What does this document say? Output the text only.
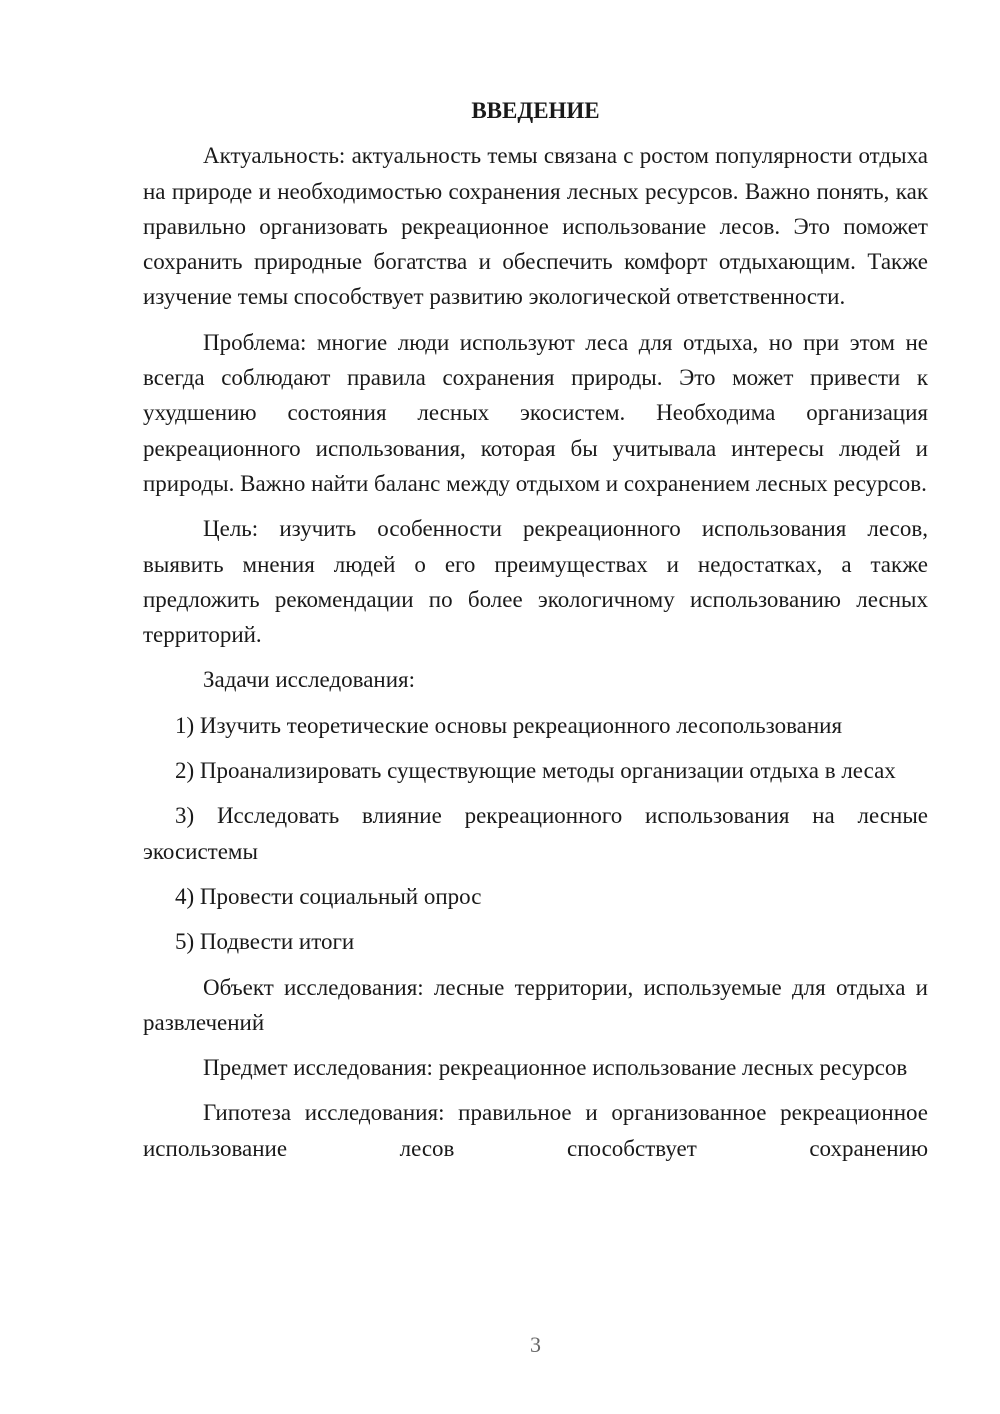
ВВЕДЕНИЕ

Актуальность: актуальность темы связана с ростом популярности отдыха на природе и необходимостью сохранения лесных ресурсов. Важно понять, как правильно организовать рекреационное использование лесов. Это поможет сохранить природные богатства и обеспечить комфорт отдыхающим. Также изучение темы способствует развитию экологической ответственности.

Проблема: многие люди используют леса для отдыха, но при этом не всегда соблюдают правила сохранения природы. Это может привести к ухудшению состояния лесных экосистем. Необходима организация рекреационного использования, которая бы учитывала интересы людей и природы. Важно найти баланс между отдыхом и сохранением лесных ресурсов.

Цель: изучить особенности рекреационного использования лесов, выявить мнения людей о его преимуществах и недостатках, а также предложить рекомендации по более экологичному использованию лесных территорий.

Задачи исследования:

1) Изучить теоретические основы рекреационного лесопользования

2) Проанализировать существующие методы организации отдыха в лесах

3) Исследовать влияние рекреационного использования на лесные экосистемы

4) Провести социальный опрос

5) Подвести итоги

Объект исследования: лесные территории, используемые для отдыха и развлечений

Предмет исследования: рекреационное использование лесных ресурсов

Гипотеза исследования: правильное и организованное рекреационное использование лесов способствует сохранению

3
